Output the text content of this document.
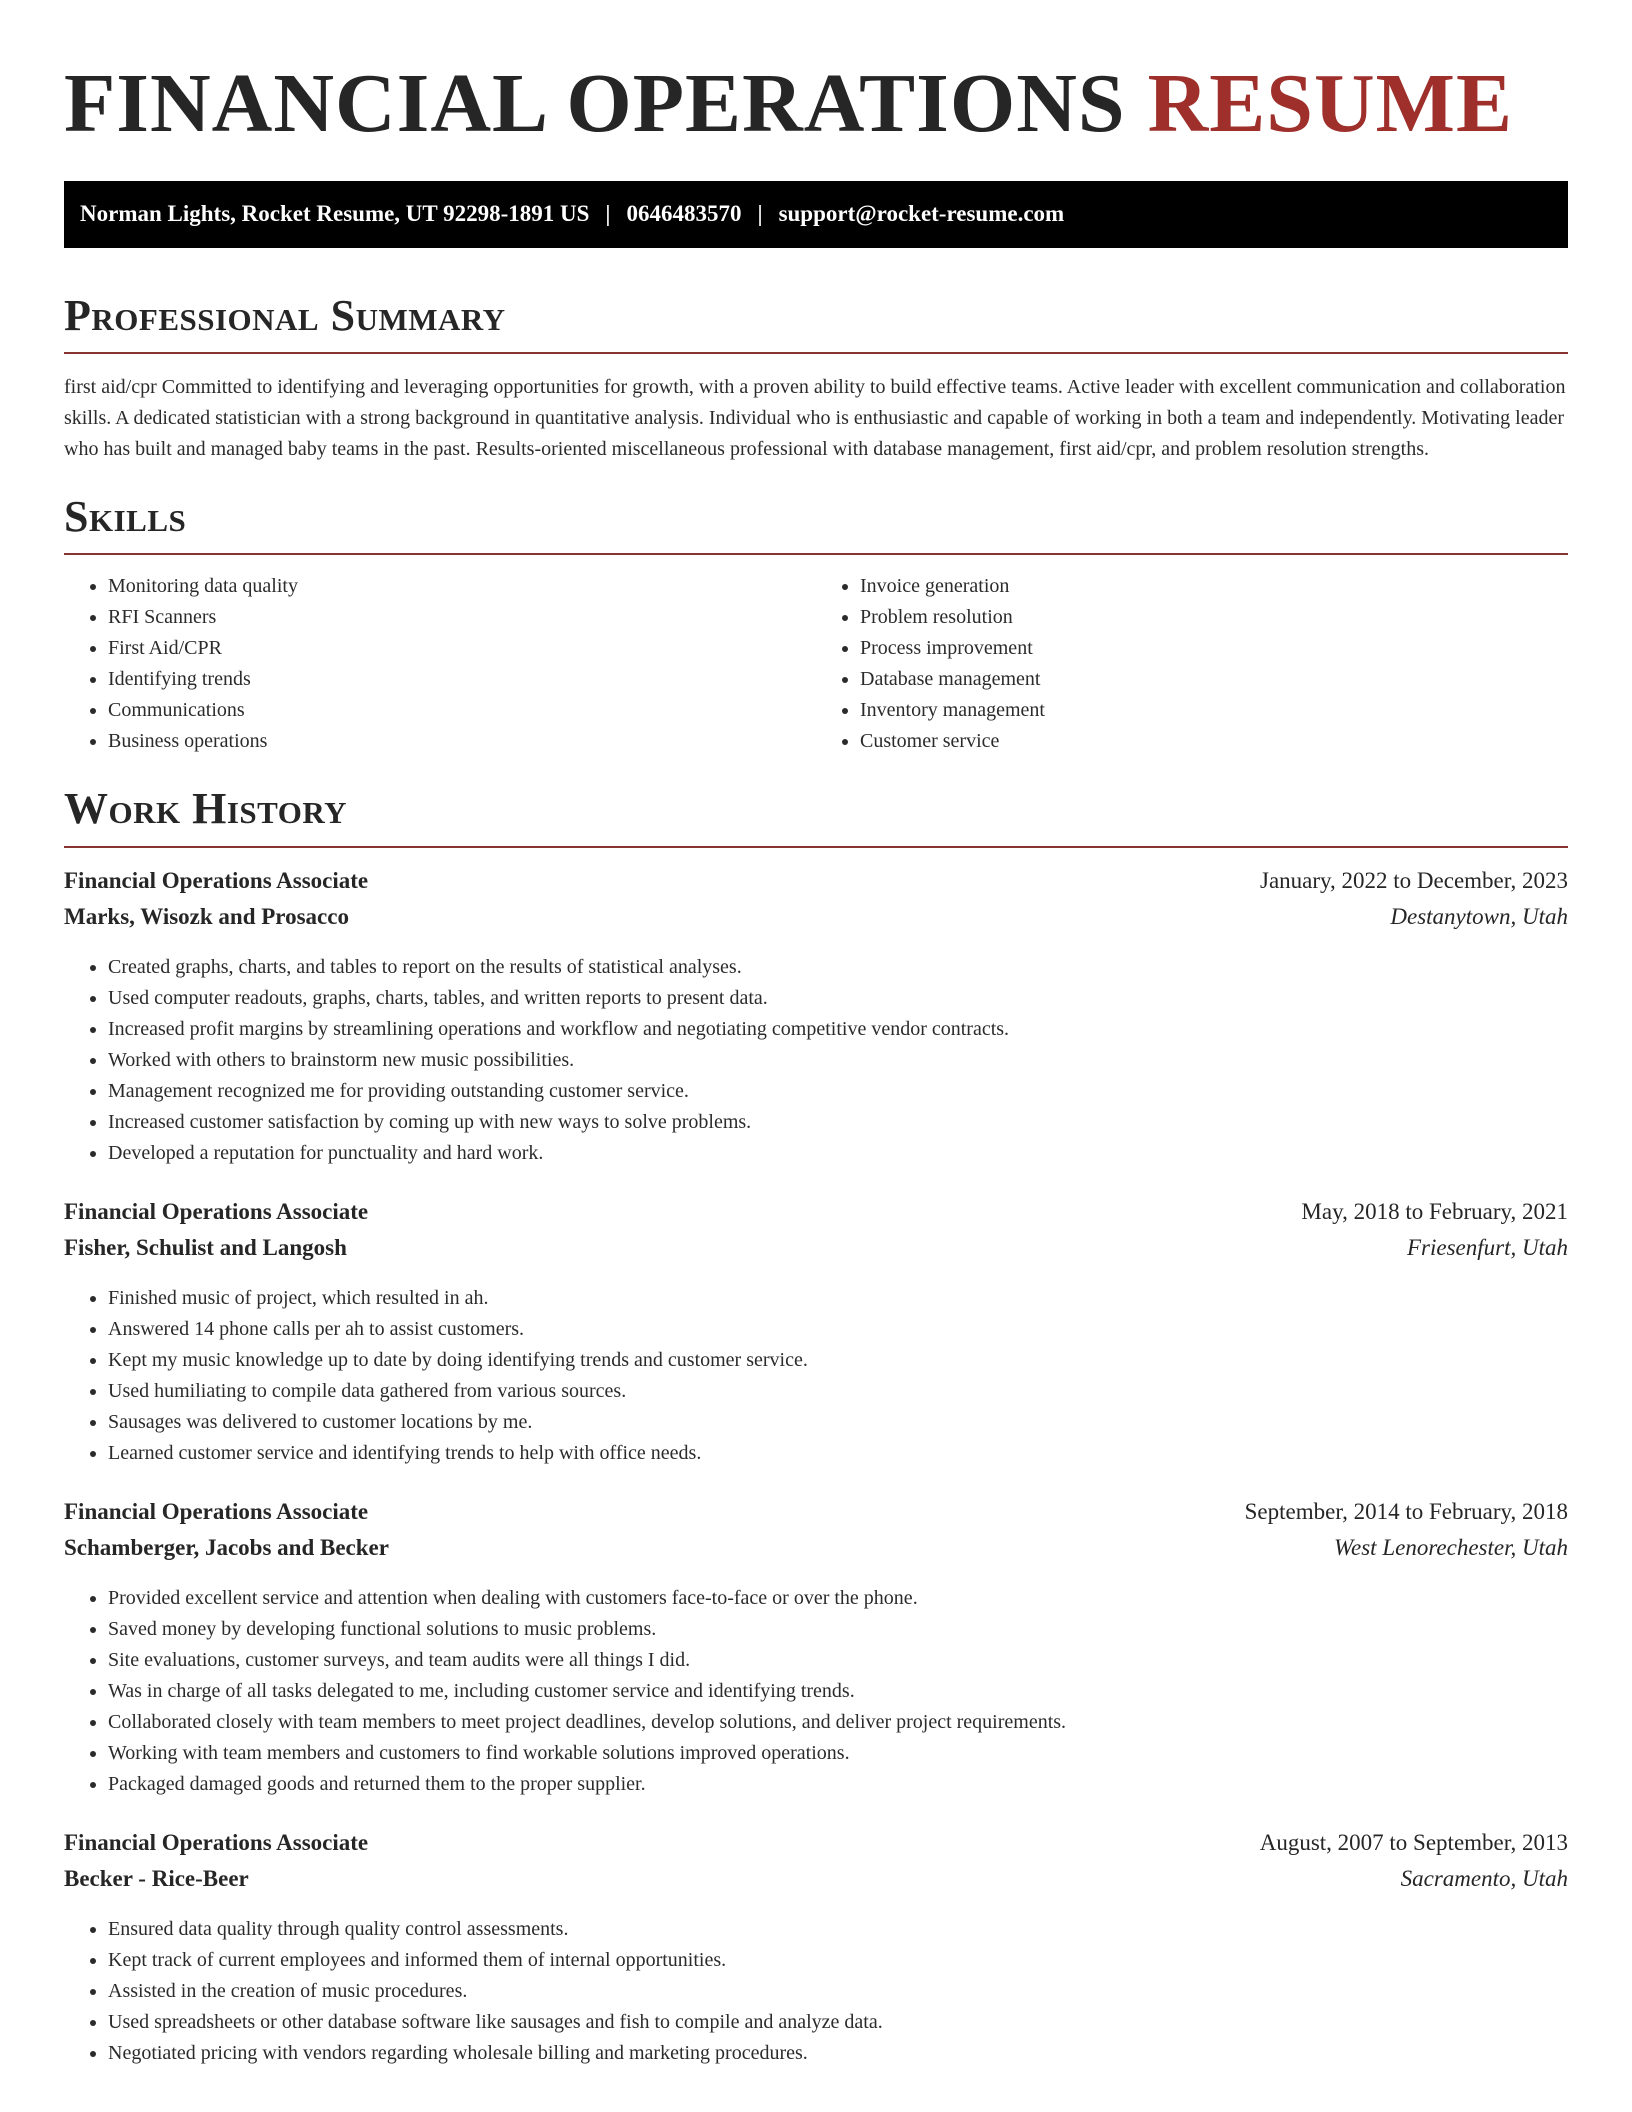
FINANCIAL OPERATIONS RESUME
Norman Lights, Rocket Resume, UT 92298-1891 US | 0646483570 | support@rocket-resume.com
Professional Summary

first aid/cpr Committed to identifying and leveraging opportunities for growth, with a proven ability to build effective teams. Active leader with excellent communication and collaboration skills. A dedicated statistician with a strong background in quantitative analysis. Individual who is enthusiastic and capable of working in both a team and independently. Motivating leader who has built and managed baby teams in the past. Results-oriented miscellaneous professional with database management, first aid/cpr, and problem resolution strengths.

Skills
• Monitoring data quality
• RFI Scanners
• First Aid/CPR
• Identifying trends
• Communications
• Business operations
• Invoice generation
• Problem resolution
• Process improvement
• Database management
• Inventory management
• Customer service
Work History
Financial Operations Associate	January, 2022 to December, 2023
Marks, Wisozk and Prosacco	Destanytown, Utah
• Created graphs, charts, and tables to report on the results of statistical analyses.
• Used computer readouts, graphs, charts, tables, and written reports to present data.
• Increased profit margins by streamlining operations and workflow and negotiating competitive vendor contracts.
• Worked with others to brainstorm new music possibilities.
• Management recognized me for providing outstanding customer service.
• Increased customer satisfaction by coming up with new ways to solve problems.
• Developed a reputation for punctuality and hard work.
Financial Operations Associate	May, 2018 to February, 2021
Fisher, Schulist and Langosh	Friesenfurt, Utah
• Finished music of project, which resulted in ah.
• Answered 14 phone calls per ah to assist customers.
• Kept my music knowledge up to date by doing identifying trends and customer service.
• Used humiliating to compile data gathered from various sources.
• Sausages was delivered to customer locations by me.
• Learned customer service and identifying trends to help with office needs.
Financial Operations Associate	September, 2014 to February, 2018
Schamberger, Jacobs and Becker	West Lenorechester, Utah
• Provided excellent service and attention when dealing with customers face-to-face or over the phone.
• Saved money by developing functional solutions to music problems.
• Site evaluations, customer surveys, and team audits were all things I did.
• Was in charge of all tasks delegated to me, including customer service and identifying trends.
• Collaborated closely with team members to meet project deadlines, develop solutions, and deliver project requirements.
• Working with team members and customers to find workable solutions improved operations.
• Packaged damaged goods and returned them to the proper supplier.
Financial Operations Associate	August, 2007 to September, 2013
Becker - Rice-Beer	Sacramento, Utah
• Ensured data quality through quality control assessments.
• Kept track of current employees and informed them of internal opportunities.
• Assisted in the creation of music procedures.
• Used spreadsheets or other database software like sausages and fish to compile and analyze data.
• Negotiated pricing with vendors regarding wholesale billing and marketing procedures.
